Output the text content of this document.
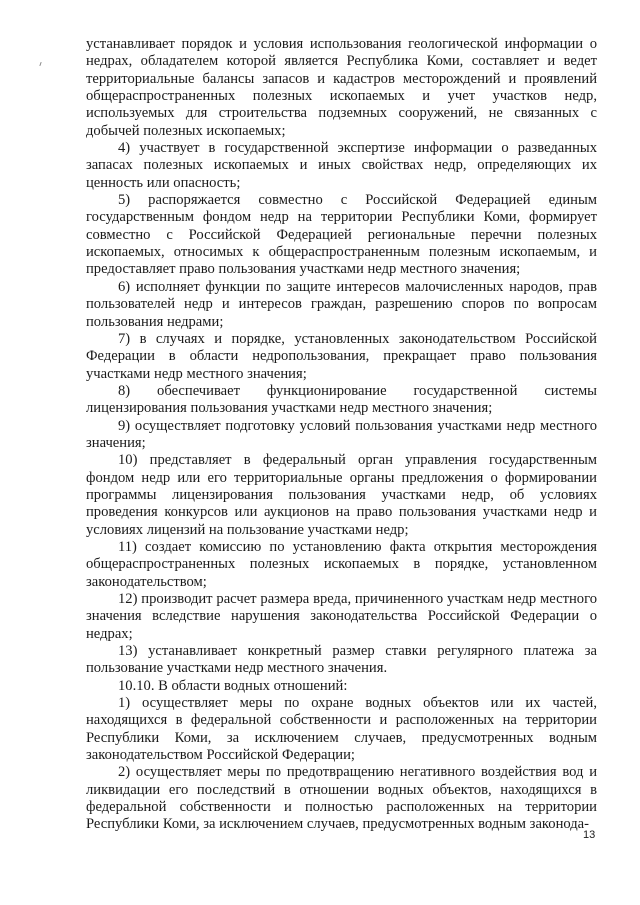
устанавливает порядок и условия использования геологической информации о недрах, обладателем которой является Республика Коми, составляет и ведет территориальные балансы запасов и кадастров месторождений и проявлений общераспространенных полезных ископаемых и учет участков недр, используемых для строительства подземных сооружений, не связанных с добычей полезных ископаемых;

4) участвует в государственной экспертизе информации о разведанных запасах полезных ископаемых и иных свойствах недр, определяющих их ценность или опасность;

5) распоряжается совместно с Российской Федерацией единым государственным фондом недр на территории Республики Коми, формирует совместно с Российской Федерацией региональные перечни полезных ископаемых, относимых к общераспространенным полезным ископаемым, и предоставляет право пользования участками недр местного значения;

6) исполняет функции по защите интересов малочисленных народов, прав пользователей недр и интересов граждан, разрешению споров по вопросам пользования недрами;

7) в случаях и порядке, установленных законодательством Российской Федерации в области недропользования, прекращает право пользования участками недр местного значения;

8) обеспечивает функционирование государственной системы лицензирования пользования участками недр местного значения;

9) осуществляет подготовку условий пользования участками недр местного значения;

10) представляет в федеральный орган управления государственным фондом недр или его территориальные органы предложения о формировании программы лицензирования пользования участками недр, об условиях проведения конкурсов или аукционов на право пользования участками недр и условиях лицензий на пользование участками недр;

11) создает комиссию по установлению факта открытия месторождения общераспространенных полезных ископаемых в порядке, установленном законодательством;

12) производит расчет размера вреда, причиненного участкам недр местного значения вследствие нарушения законодательства Российской Федерации о недрах;

13) устанавливает конкретный размер ставки регулярного платежа за пользование участками недр местного значения.

10.10. В области водных отношений:

1) осуществляет меры по охране водных объектов или их частей, находящихся в федеральной собственности и расположенных на территории Республики Коми, за исключением случаев, предусмотренных водным законодательством Российской Федерации;

2) осуществляет меры по предотвращению негативного воздействия вод и ликвидации его последствий в отношении водных объектов, находящихся в федеральной собственности и полностью расположенных на территории Республики Коми, за исключением случаев, предусмотренных водным законода-

13
